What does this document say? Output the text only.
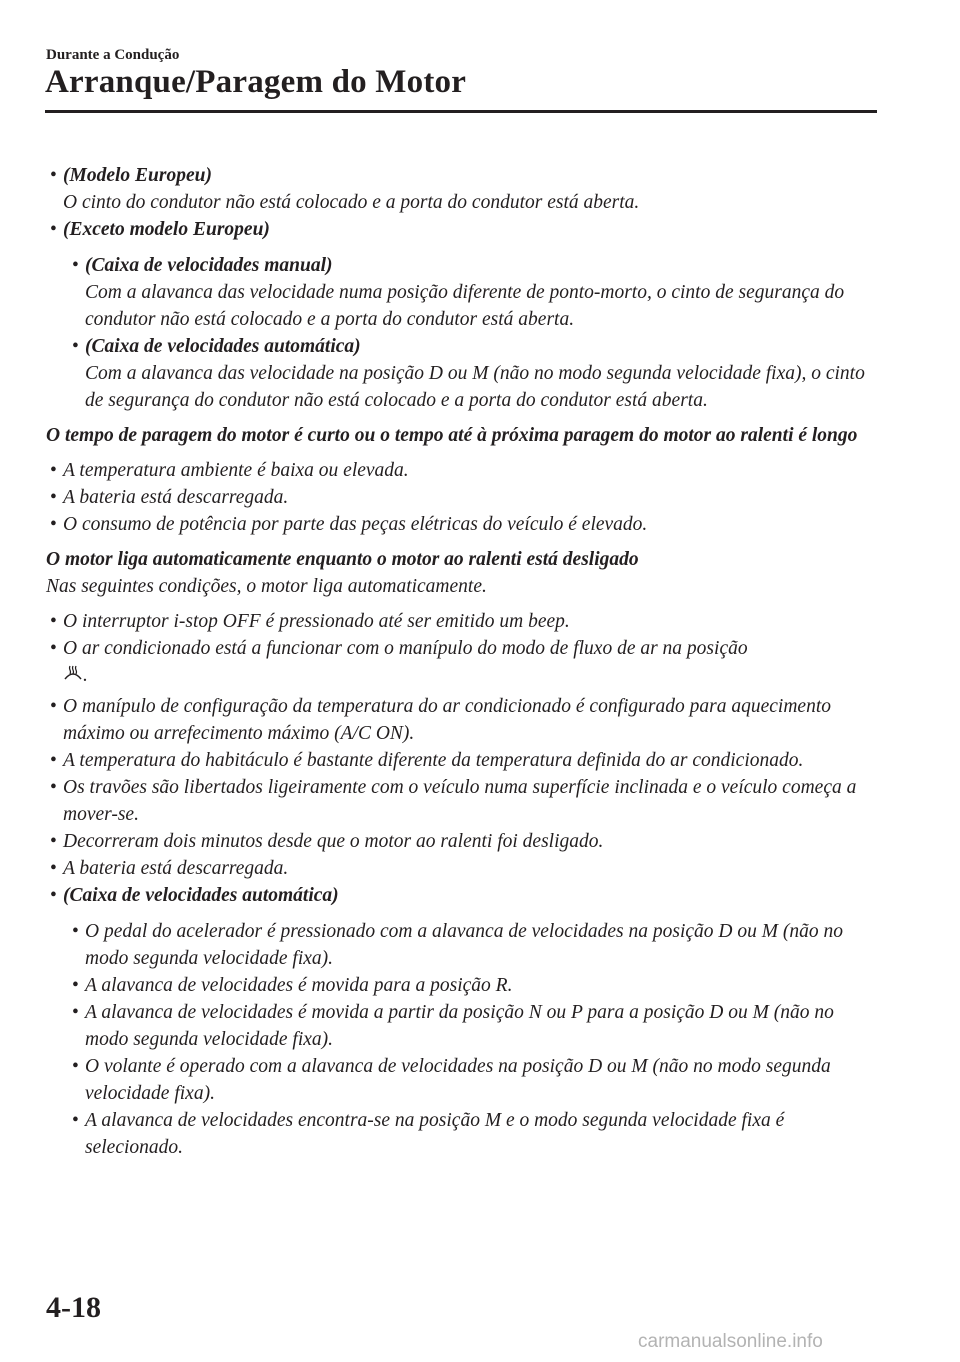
Durante a Condução
Arranque/Paragem do Motor
• (Modelo Europeu)
O cinto do condutor não está colocado e a porta do condutor está aberta.
• (Exceto modelo Europeu)
• (Caixa de velocidades manual)
Com a alavanca das velocidade numa posição diferente de ponto-morto, o cinto de segurança do condutor não está colocado e a porta do condutor está aberta.
• (Caixa de velocidades automática)
Com a alavanca das velocidade na posição D ou M (não no modo segunda velocidade fixa), o cinto de segurança do condutor não está colocado e a porta do condutor está aberta.
O tempo de paragem do motor é curto ou o tempo até à próxima paragem do motor ao ralenti é longo
• A temperatura ambiente é baixa ou elevada.
• A bateria está descarregada.
• O consumo de potência por parte das peças elétricas do veículo é elevado.
O motor liga automaticamente enquanto o motor ao ralenti está desligado
Nas seguintes condições, o motor liga automaticamente.
• O interruptor i-stop OFF é pressionado até ser emitido um beep.
• O ar condicionado está a funcionar com o manípulo do modo de fluxo de ar na posição
.
• O manípulo de configuração da temperatura do ar condicionado é configurado para aquecimento máximo ou arrefecimento máximo (A/C ON).
• A temperatura do habitáculo é bastante diferente da temperatura definida do ar condicionado.
• Os travões são libertados ligeiramente com o veículo numa superfície inclinada e o veículo começa a mover-se.
• Decorreram dois minutos desde que o motor ao ralenti foi desligado.
• A bateria está descarregada.
• (Caixa de velocidades automática)
• O pedal do acelerador é pressionado com a alavanca de velocidades na posição D ou M (não no modo segunda velocidade fixa).
• A alavanca de velocidades é movida para a posição R.
• A alavanca de velocidades é movida a partir da posição N ou P para a posição D ou M (não no modo segunda velocidade fixa).
• O volante é operado com a alavanca de velocidades na posição D ou M (não no modo segunda velocidade fixa).
• A alavanca de velocidades encontra-se na posição M e o modo segunda velocidade fixa é selecionado.
4-18
carmanualsonline.info
